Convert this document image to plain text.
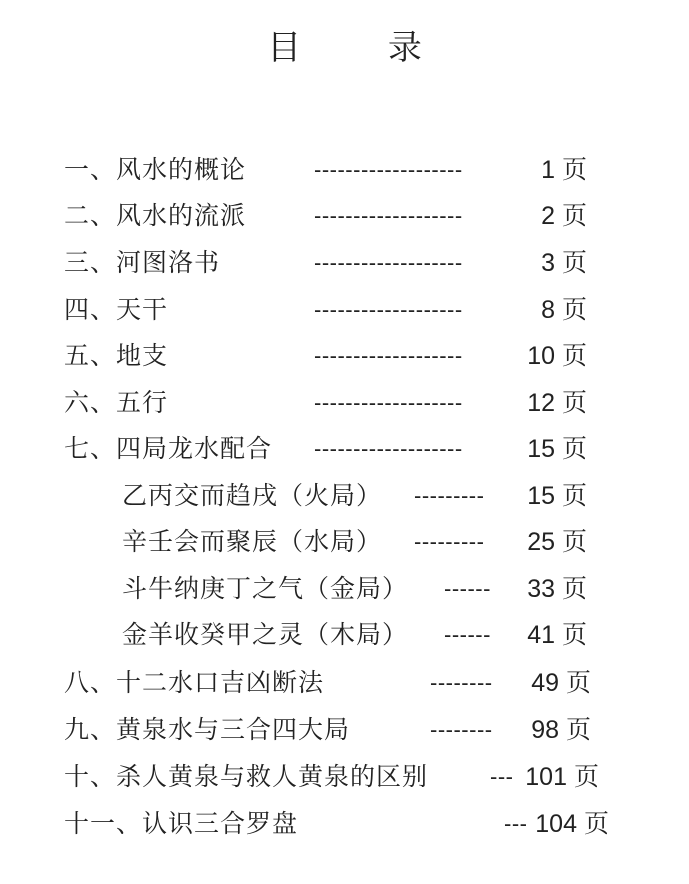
目 录
一、风水的概论	-------------------	1 页
二、风水的流派	-------------------	2 页
三、河图洛书	-------------------	3 页
四、天干	-------------------	8 页
五、地支	-------------------	10 页
六、五行	-------------------	12 页
七、四局龙水配合 -------------------	15 页
乙丙交而趋戌（火局） --------- 15 页
辛壬会而聚辰（水局） --------- 25 页
斗牛纳庚丁之气（金局） ------ 33 页
金羊收癸甲之灵（木局） ------ 41 页
八、十二水口吉凶断法	-------- 49 页
九、黄泉水与三合四大局	-------- 98 页
十、杀人黄泉与救人黄泉的区别	--- 101 页
十一、认识三合罗盘	--- 104 页
